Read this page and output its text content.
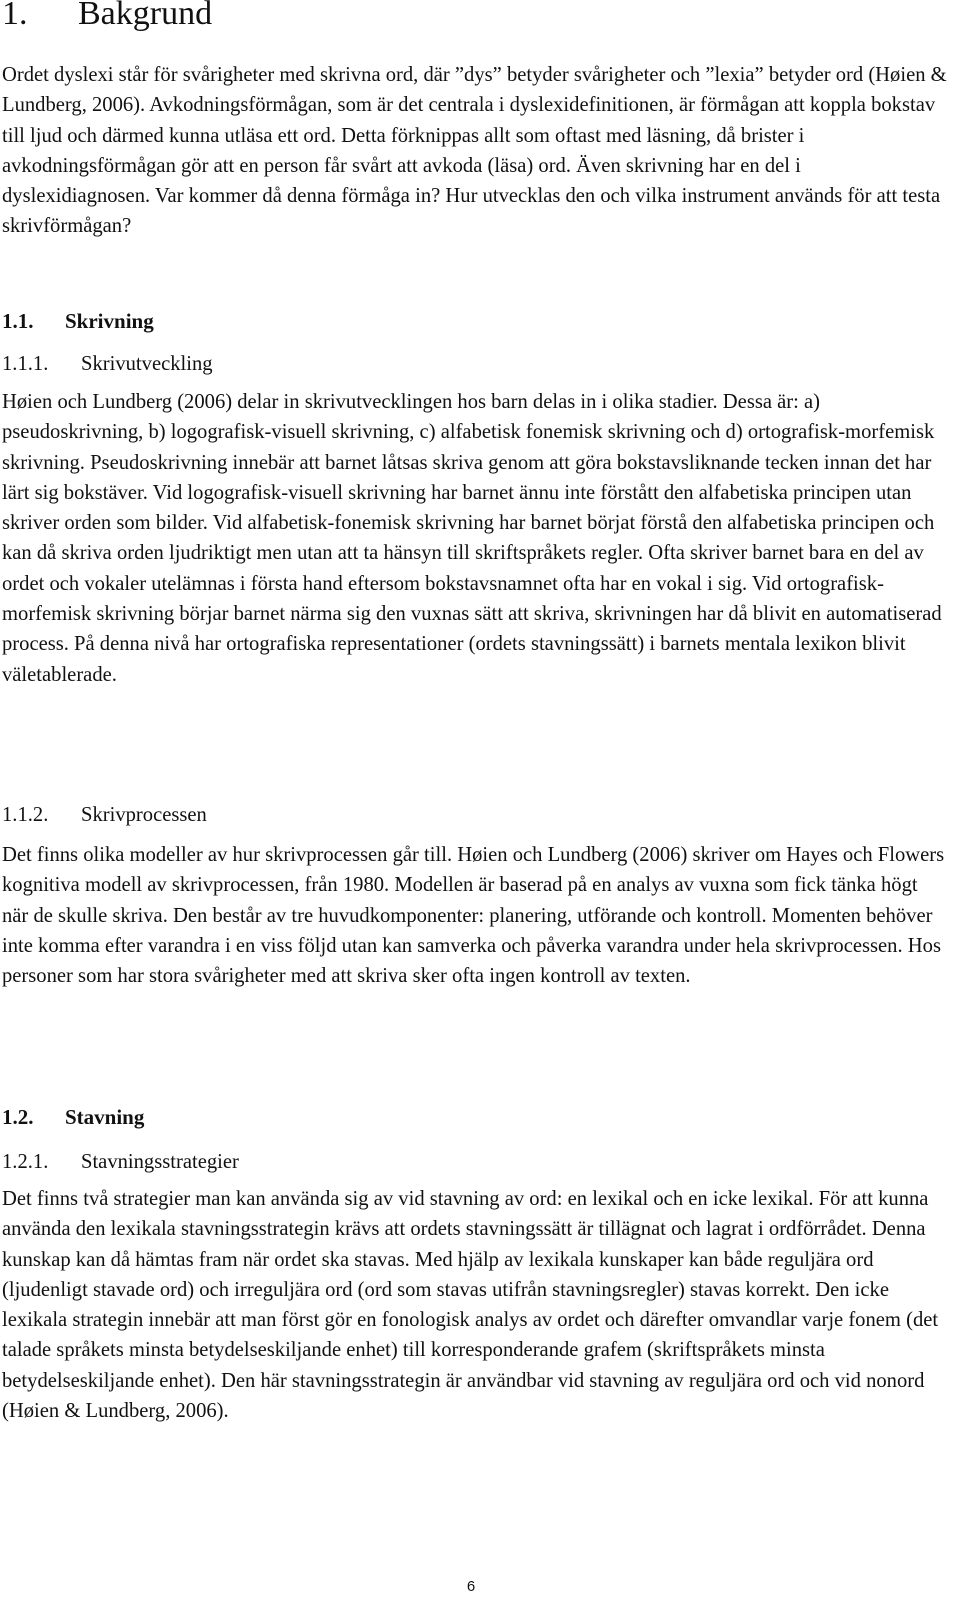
1. Bakgrund

Ordet dyslexi står för svårigheter med skrivna ord, där ”dys” betyder svårigheter och ”lexia” betyder ord (Høien & Lundberg, 2006). Avkodningsförmågan, som är det centrala i dyslexidefinitionen, är förmågan att koppla bokstav till ljud och därmed kunna utläsa ett ord. Detta förknippas allt som oftast med läsning, då brister i avkodningsförmågan gör att en person får svårt att avkoda (läsa) ord. Även skrivning har en del i dyslexidiagnosen. Var kommer då denna förmåga in? Hur utvecklas den och vilka instrument används för att testa skrivförmågan?

1.1. Skrivning
1.1.1. Skrivutveckling

Høien och Lundberg (2006) delar in skrivutvecklingen hos barn delas in i olika stadier. Dessa är: a) pseudoskrivning, b) logografisk-visuell skrivning, c) alfabetisk fonemisk skrivning och d) ortografisk-morfemisk skrivning. Pseudoskrivning innebär att barnet låtsas skriva genom att göra bokstavsliknande tecken innan det har lärt sig bokstäver. Vid logografisk-visuell skrivning har barnet ännu inte förstått den alfabetiska principen utan skriver orden som bilder. Vid alfabetisk-fonemisk skrivning har barnet börjat förstå den alfabetiska principen och kan då skriva orden ljudriktigt men utan att ta hänsyn till skriftspråkets regler. Ofta skriver barnet bara en del av ordet och vokaler utelämnas i första hand eftersom bokstavsnamnet ofta har en vokal i sig. Vid ortografisk-morfemisk skrivning börjar barnet närma sig den vuxnas sätt att skriva, skrivningen har då blivit en automatiserad process. På denna nivå har ortografiska representationer (ordets stavningssätt) i barnets mentala lexikon blivit väletablerade.

1.1.2. Skrivprocessen

Det finns olika modeller av hur skrivprocessen går till. Høien och Lundberg (2006) skriver om Hayes och Flowers kognitiva modell av skrivprocessen, från 1980. Modellen är baserad på en analys av vuxna som fick tänka högt när de skulle skriva. Den består av tre huvudkomponenter: planering, utförande och kontroll. Momenten behöver inte komma efter varandra i en viss följd utan kan samverka och påverka varandra under hela skrivprocessen. Hos personer som har stora svårigheter med att skriva sker ofta ingen kontroll av texten.

1.2. Stavning
1.2.1. Stavningsstrategier

Det finns två strategier man kan använda sig av vid stavning av ord: en lexikal och en icke lexikal. För att kunna använda den lexikala stavningsstrategin krävs att ordets stavningssätt är tillägnat och lagrat i ordförrådet. Denna kunskap kan då hämtas fram när ordet ska stavas. Med hjälp av lexikala kunskaper kan både reguljära ord (ljudenligt stavade ord) och irreguljära ord (ord som stavas utifrån stavningsregler) stavas korrekt. Den icke lexikala strategin innebär att man först gör en fonologisk analys av ordet och därefter omvandlar varje fonem (det talade språkets minsta betydelseskiljande enhet) till korresponderande grafem (skriftspråkets minsta betydelseskiljande enhet). Den här stavningsstrategin är användbar vid stavning av reguljära ord och vid nonord (Høien & Lundberg, 2006).

6
